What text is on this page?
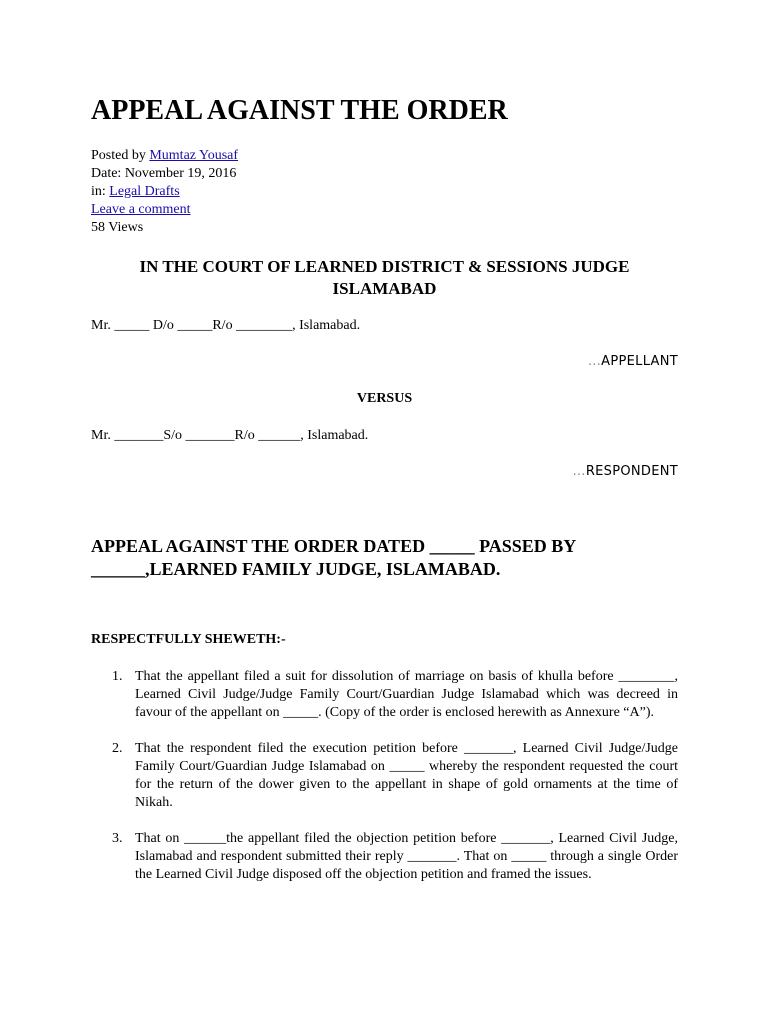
APPEAL AGAINST THE ORDER
Posted by Mumtaz Yousaf
Date: November 19, 2016
in: Legal Drafts
Leave a comment
58 Views
IN THE COURT OF LEARNED DISTRICT & SESSIONS JUDGE
ISLAMABAD
Mr. _____ D/o _____R/o ________, Islamabad.
…APPELLANT
VERSUS
Mr. _______S/o _______R/o ______, Islamabad.
…RESPONDENT
APPEAL AGAINST THE ORDER DATED _____ PASSED BY
______,LEARNED FAMILY JUDGE, ISLAMABAD.
RESPECTFULLY SHEWETH:-
1. That the appellant filed a suit for dissolution of marriage on basis of khulla before ________, Learned Civil Judge/Judge Family Court/Guardian Judge Islamabad which was decreed in favour of the appellant on _____. (Copy of the order is enclosed herewith as Annexure “A”).
2. That the respondent filed the execution petition before _______, Learned Civil Judge/Judge Family Court/Guardian Judge Islamabad on _____ whereby the respondent requested the court for the return of the dower given to the appellant in shape of gold ornaments at the time of Nikah.
3. That on ______the appellant filed the objection petition before _______, Learned Civil Judge, Islamabad and respondent submitted their reply _______. That on _____ through a single Order the Learned Civil Judge disposed off the objection petition and framed the issues.
